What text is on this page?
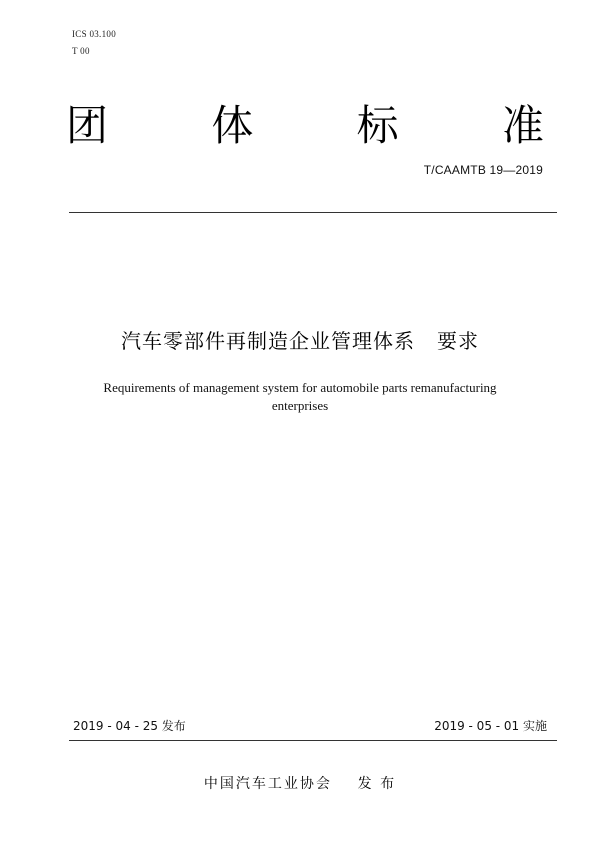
ICS 03.100
T 00
团 体 标 准
T/CAAMTB 19—2019
汽车零部件再制造企业管理体系   要求
Requirements of management system for automobile parts remanufacturing
enterprises
2019 - 04 - 25 发布	2019 - 05 - 01 实施
中国汽车工业协会    发 布
